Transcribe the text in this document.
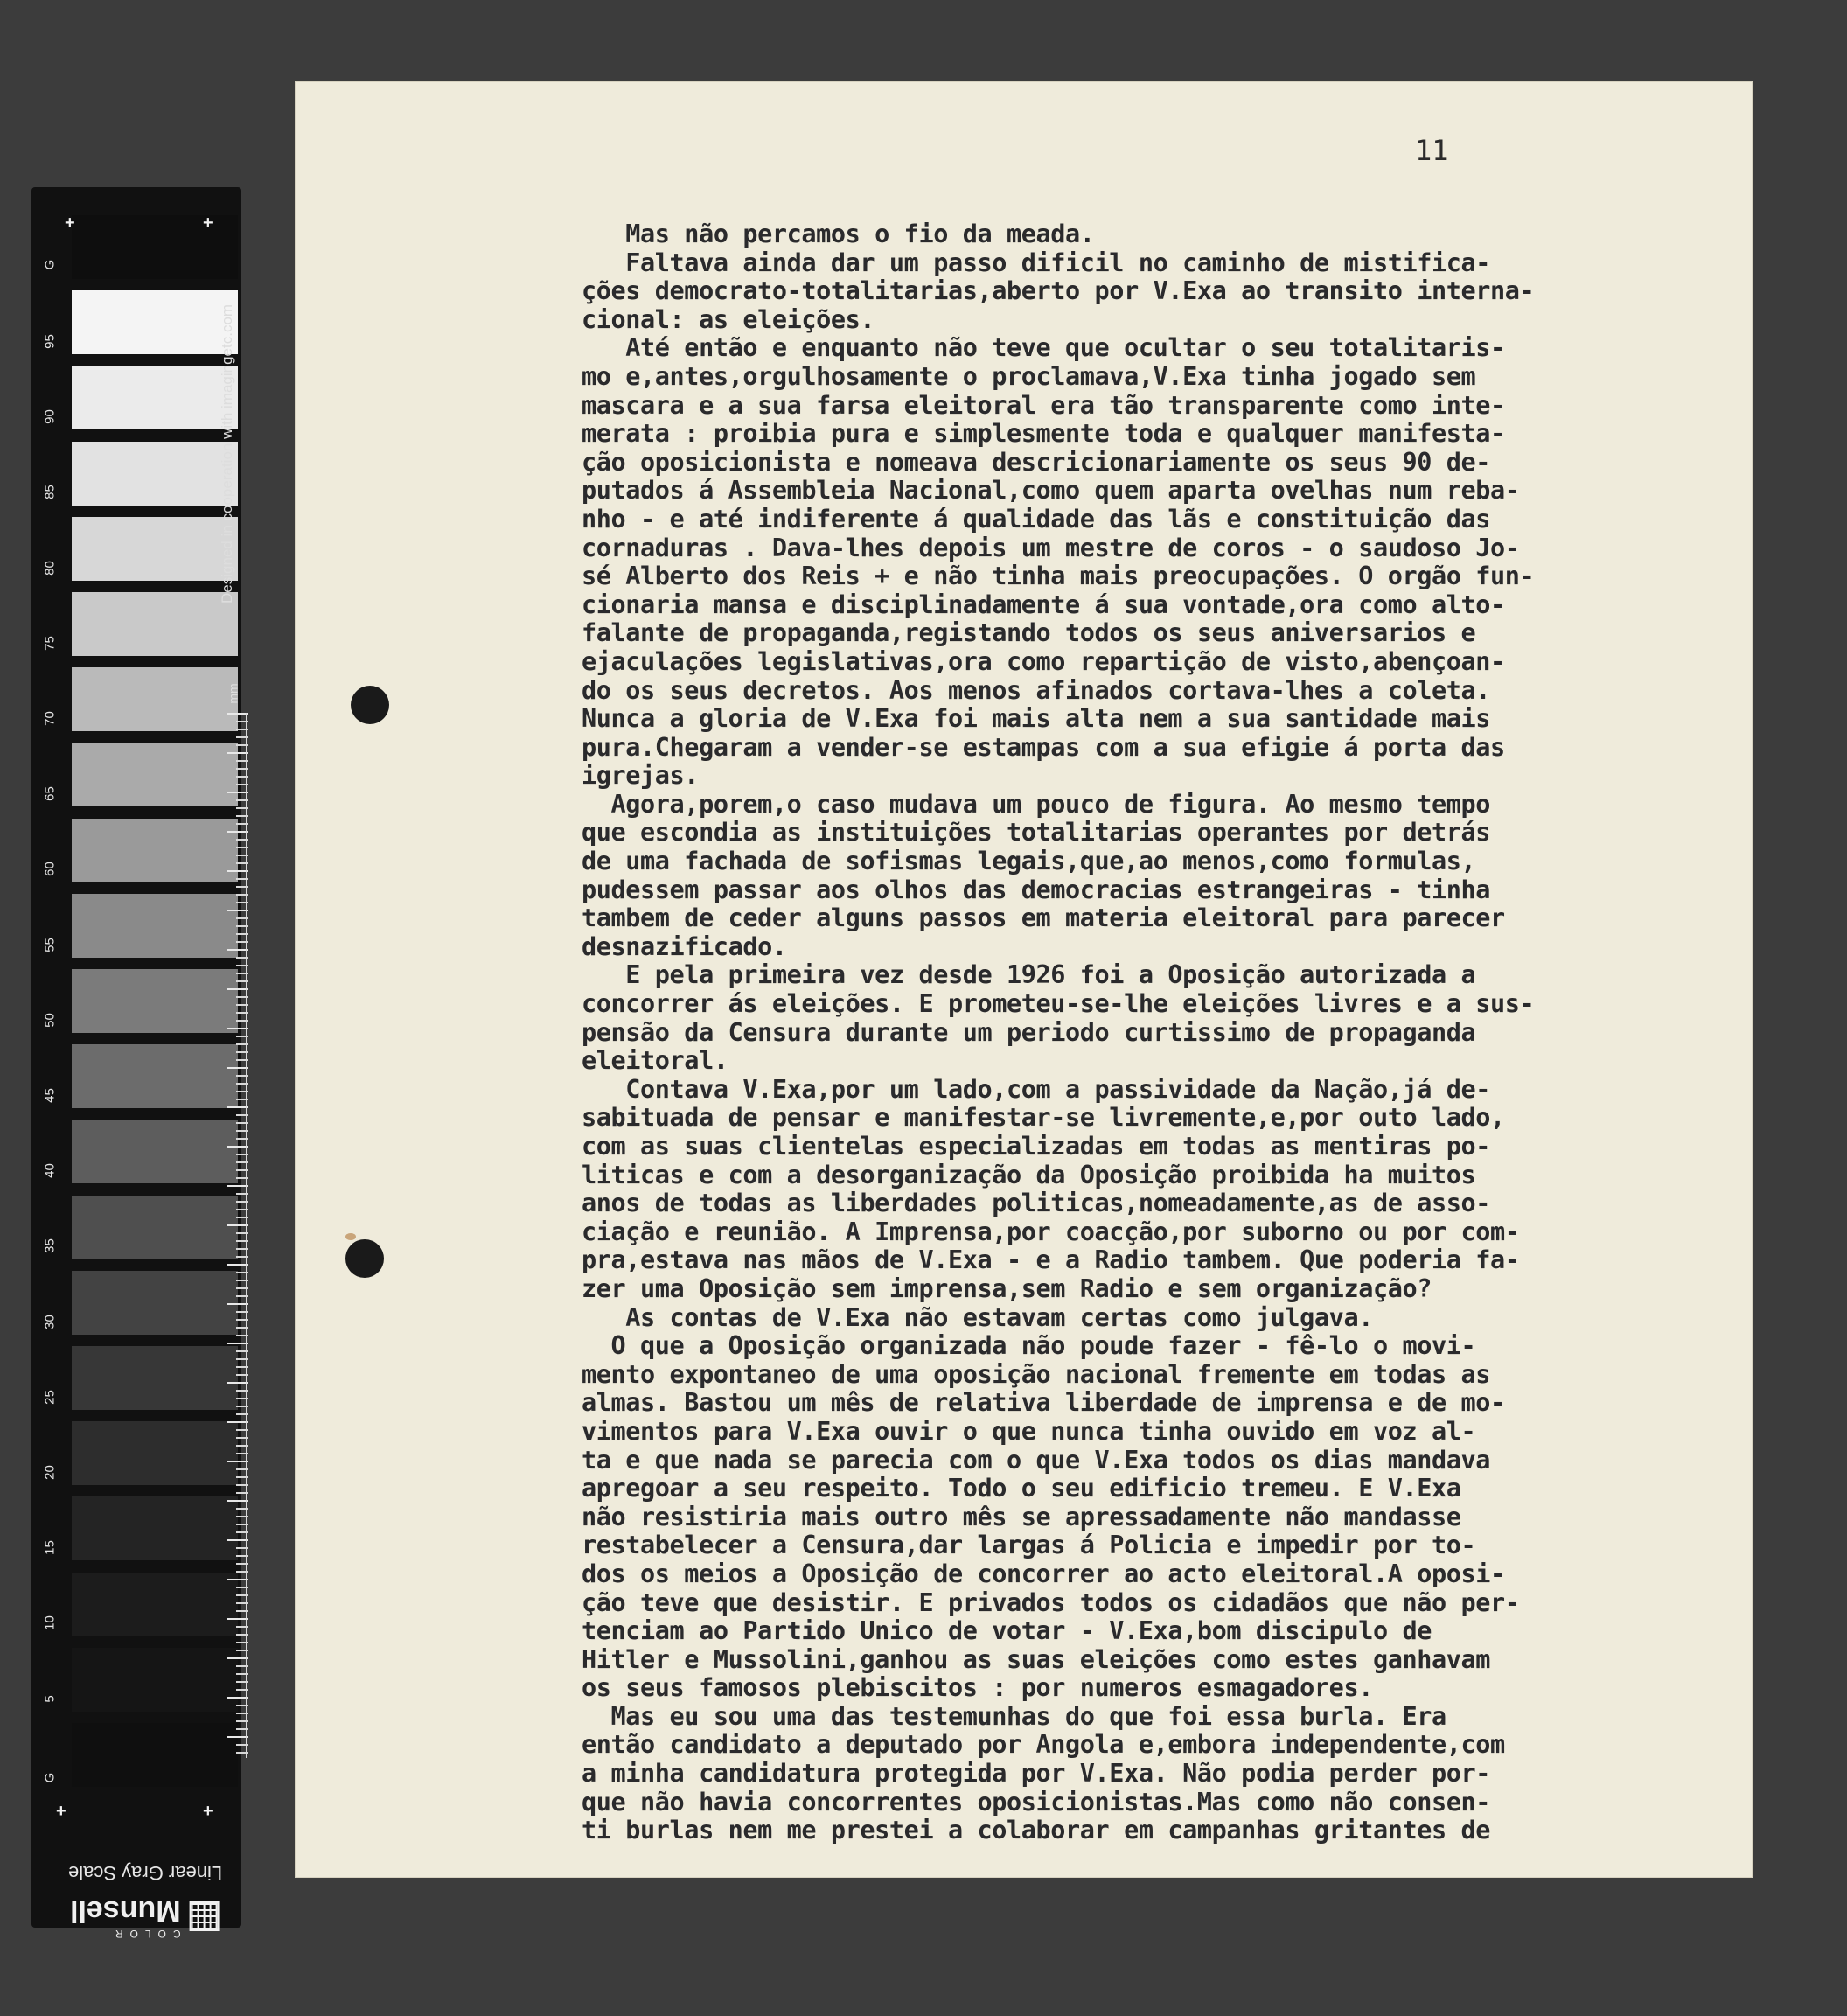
95
90
85
80
75
70
65
60
55
50
45
40
35
30
25
20
15
10
5
+	+
+	+
G
G
Designed in cooperation with imagingetc.com
mm
Linear Gray Scale
COLOR
Munsell
11
Mas não percamos o fio da meada.
Faltava ainda dar um passo dificil no caminho de mistifica-
ções democrato-totalitarias,aberto por V.Exa ao transito interna-
cional: as eleições.
Até então e enquanto não teve que ocultar o seu totalitaris-
mo e,antes,orgulhosamente o proclamava,V.Exa tinha jogado sem
mascara e a sua farsa eleitoral era tão transparente como inte-
merata : proibia pura e simplesmente toda e qualquer manifesta-
ção oposicionista e nomeava descricionariamente os seus 90 de-
putados á Assembleia Nacional,como quem aparta ovelhas num reba-
nho - e até indiferente á qualidade das lãs e constituição das
cornaduras . Dava-lhes depois um mestre de coros - o saudoso Jo-
sé Alberto dos Reis + e não tinha mais preocupações. O orgão fun-
cionaria mansa e disciplinadamente á sua vontade,ora como alto-
falante de propaganda,registando todos os seus aniversarios e
ejaculações legislativas,ora como repartição de visto,abençoan-
do os seus decretos. Aos menos afinados cortava-lhes a coleta.
Nunca a gloria de V.Exa foi mais alta nem a sua santidade mais
pura.Chegaram a vender-se estampas com a sua efigie á porta das
igrejas.
Agora,porem,o caso mudava um pouco de figura. Ao mesmo tempo
que escondia as instituições totalitarias operantes por detrás
de uma fachada de sofismas legais,que,ao menos,como formulas,
pudessem passar aos olhos das democracias estrangeiras - tinha
tambem de ceder alguns passos em materia eleitoral para parecer
desnazificado.
E pela primeira vez desde 1926 foi a Oposição autorizada a
concorrer ás eleições. E prometeu-se-lhe eleições livres e a sus-
pensão da Censura durante um periodo curtissimo de propaganda
eleitoral.
Contava V.Exa,por um lado,com a passividade da Nação,já de-
sabituada de pensar e manifestar-se livremente,e,por outo lado,
com as suas clientelas especializadas em todas as mentiras po-
liticas e com a desorganização da Oposição proibida ha muitos
anos de todas as liberdades politicas,nomeadamente,as de asso-
ciação e reunião. A Imprensa,por coacção,por suborno ou por com-
pra,estava nas mãos de V.Exa - e a Radio tambem. Que poderia fa-
zer uma Oposição sem imprensa,sem Radio e sem organização?
As contas de V.Exa não estavam certas como julgava.
O que a Oposição organizada não poude fazer - fê-lo o movi-
mento expontaneo de uma oposição nacional fremente em todas as
almas. Bastou um mês de relativa liberdade de imprensa e de mo-
vimentos para V.Exa ouvir o que nunca tinha ouvido em voz al-
ta e que nada se parecia com o que V.Exa todos os dias mandava
apregoar a seu respeito. Todo o seu edificio tremeu. E V.Exa
não resistiria mais outro mês se apressadamente não mandasse
restabelecer a Censura,dar largas á Policia e impedir por to-
dos os meios a Oposição de concorrer ao acto eleitoral.A oposi-
ção teve que desistir. E privados todos os cidadãos que não per-
tenciam ao Partido Unico de votar - V.Exa,bom discipulo de
Hitler e Mussolini,ganhou as suas eleições como estes ganhavam
os seus famosos plebiscitos : por numeros esmagadores.
Mas eu sou uma das testemunhas do que foi essa burla. Era
então candidato a deputado por Angola e,embora independente,com
a minha candidatura protegida por V.Exa. Não podia perder por-
que não havia concorrentes oposicionistas.Mas como não consen-
ti burlas nem me prestei a colaborar em campanhas gritantes de
